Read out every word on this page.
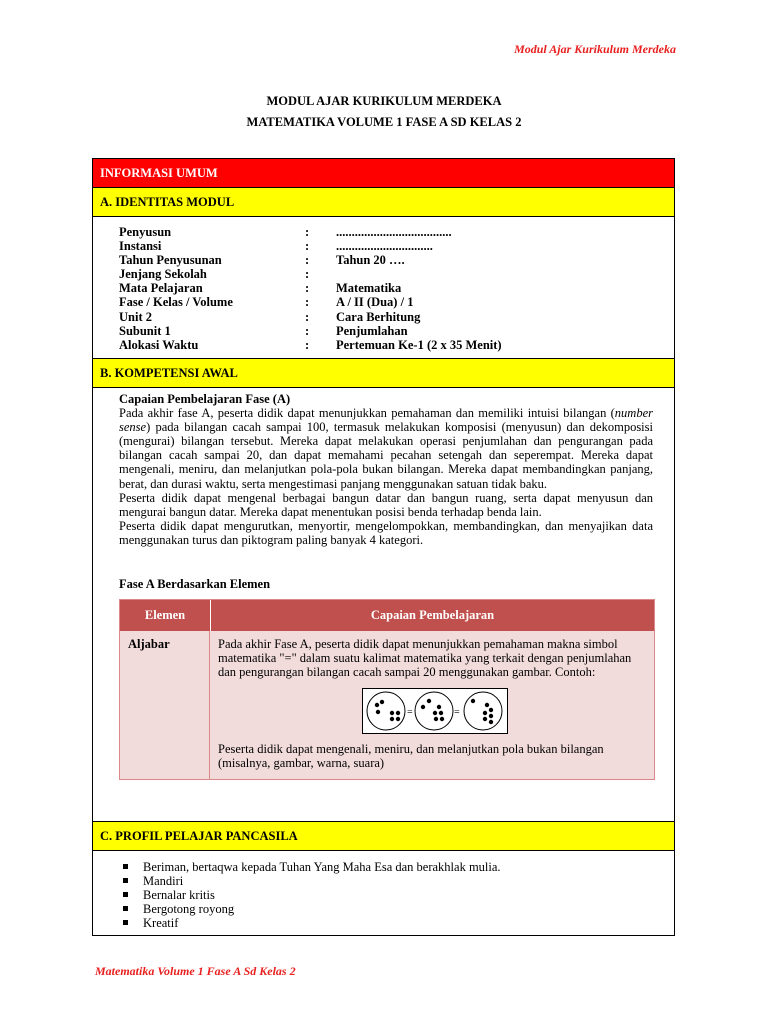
Modul Ajar Kurikulum Merdeka
MODUL AJAR KURIKULUM MERDEKA
MATEMATIKA VOLUME 1 FASE A SD KELAS 2
INFORMASI UMUM
A. IDENTITAS MODUL
Penyusun	:	.....................................
Instansi	:	...............................
Tahun Penyusunan	:	Tahun 20 ….
Jenjang Sekolah	:
Mata Pelajaran	:	Matematika
Fase / Kelas / Volume	:	A / II (Dua) / 1
Unit 2	:	Cara Berhitung
Subunit 1	:	Penjumlahan
Alokasi Waktu	:	Pertemuan Ke-1 (2 x 35 Menit)
B. KOMPETENSI AWAL
Capaian Pembelajaran Fase (A)

Pada akhir fase A, peserta didik dapat menunjukkan pemahaman dan memiliki intuisi bilangan (number sense) pada bilangan cacah sampai 100, termasuk melakukan komposisi (menyusun) dan dekomposisi (mengurai) bilangan tersebut. Mereka dapat melakukan operasi penjumlahan dan pengurangan pada bilangan cacah sampai 20, dan dapat memahami pecahan setengah dan seperempat. Mereka dapat mengenali, meniru, dan melanjutkan pola-pola bukan bilangan. Mereka dapat membandingkan panjang, berat, dan durasi waktu, serta mengestimasi panjang menggunakan satuan tidak baku.

Peserta didik dapat mengenal berbagai bangun datar dan bangun ruang, serta dapat menyusun dan mengurai bangun datar. Mereka dapat menentukan posisi benda terhadap benda lain.

Peserta didik dapat mengurutkan, menyortir, mengelompokkan, membandingkan, dan menyajikan data menggunakan turus dan piktogram paling banyak 4 kategori.

Fase A Berdasarkan Elemen
Elemen	Capaian Pembelajaran
Aljabar	Pada akhir Fase A, peserta didik dapat menunjukkan pemahaman makna simbol matematika "=" dalam suatu kalimat matematika yang terkait dengan penjumlahan dan pengurangan bilangan cacah sampai 20 menggunakan gambar. Contoh:
=	=
Peserta didik dapat mengenali, meniru, dan melanjutkan pola bukan bilangan (misalnya, gambar, warna, suara)
C. PROFIL PELAJAR PANCASILA
Beriman, bertaqwa kepada Tuhan Yang Maha Esa dan berakhlak mulia.
Mandiri
Bernalar kritis
Bergotong royong
Kreatif
Matematika Volume 1 Fase A Sd Kelas 2
